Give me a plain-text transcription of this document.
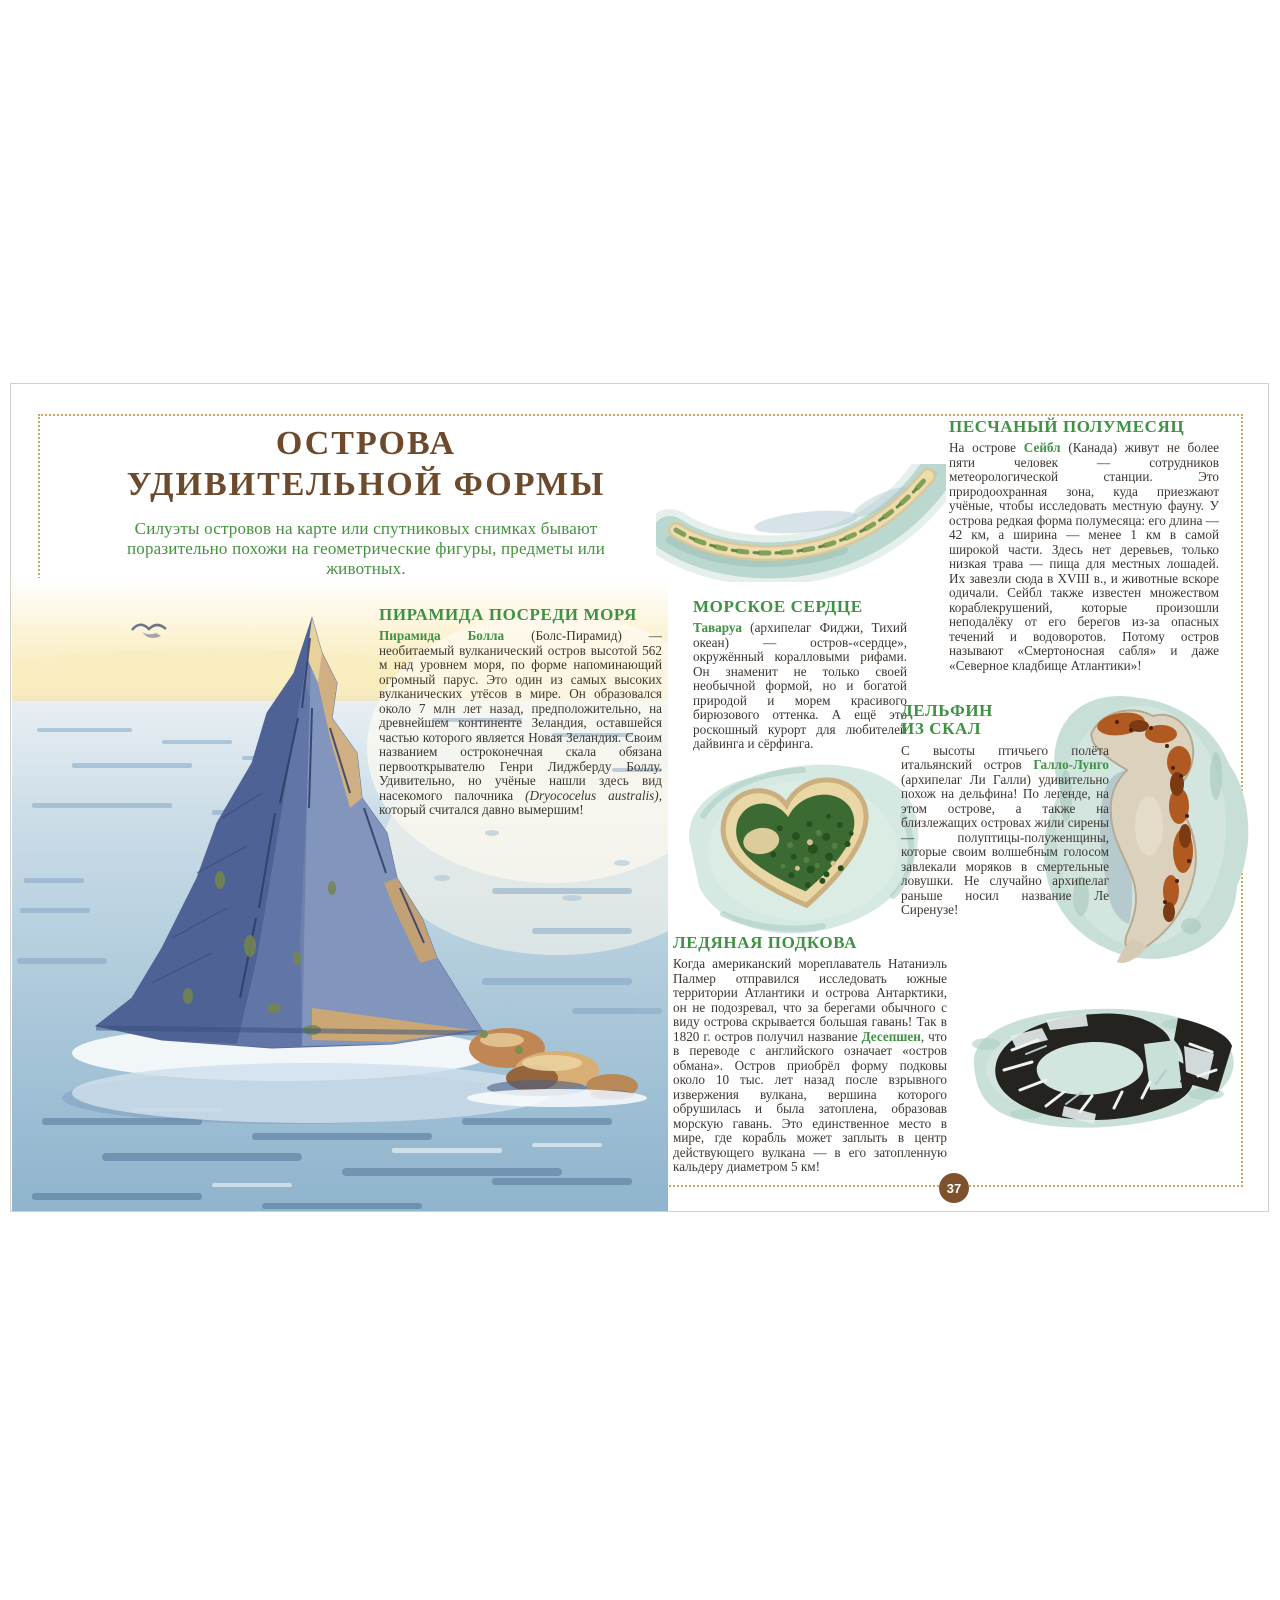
ОСТРОВА
УДИВИТЕЛЬНОЙ ФОРМЫ

Силуэты островов на карте или спутниковых снимках бывают поразительно похожи на геометрические фигуры, предметы или животных.

ПИРАМИДА ПОСРЕДИ МОРЯ

Пирамида Болла (Болс-Пирамид) — необитаемый вулканический остров высотой 562 м над уровнем моря, по форме напоминающий огромный парус. Это один из самых высоких вулканических утёсов в мире. Он образовался около 7 млн лет назад, предположительно, на древнейшем континенте Зеландия, оставшейся частью которого является Новая Зеландия. Своим названием остроконечная скала обязана первооткрывателю Генри Лиджберду Боллу. Удивительно, но учёные нашли здесь вид насекомого палочника (Dryococelus australis), который считался давно вымершим!

ПЕСЧАНЫЙ ПОЛУМЕСЯЦ

На острове Сейбл (Канада) живут не более пяти человек — сотрудников метеорологической станции. Это природоохранная зона, куда приезжают учёные, чтобы исследовать местную фауну. У острова редкая форма полумесяца: его длина — 42 км, а ширина — менее 1 км в самой широкой части. Здесь нет деревьев, только низкая трава — пища для местных лошадей. Их завезли сюда в XVIII в., и животные вскоре одичали. Сейбл также известен множеством кораблекрушений, которые произошли неподалёку от его берегов из-за опасных течений и водоворотов. Потому остров называют «Смертоносная сабля» и даже «Северное кладбище Атлантики»!

МОРСКОЕ СЕРДЦЕ

Таваруа (архипелаг Фиджи, Тихий океан) — остров-«сердце», окружённый коралловыми рифами. Он знаменит не только своей необычной формой, но и богатой природой и морем красивого бирюзового оттенка. А ещё это роскошный курорт для любителей дайвинга и сёрфинга.

ДЕЛЬФИН ИЗ СКАЛ

С высоты птичьего полёта итальянский остров Галло-Лунго (архипелаг Ли Галли) удивительно похож на дельфина! По легенде, на этом острове, а также на близлежащих островах жили сирены — полуптицы-полуженщины, которые своим волшебным голосом завлекали моряков в смертельные ловушки. Не случайно архипелаг раньше носил название Ле Сиренузе!

ЛЕДЯНАЯ ПОДКОВА

Когда американский мореплаватель Натаниэль Палмер отправился исследовать южные территории Атлантики и острова Антарктики, он не подозревал, что за берегами обычного с виду острова скрывается большая гавань! Так в 1820 г. остров получил название Десепшен, что в переводе с английского означает «остров обмана». Остров приобрёл форму подковы около 10 тыс. лет назад после взрывного извержения вулкана, вершина которого обрушилась и была затоплена, образовав морскую гавань. Это единственное место в мире, где корабль может заплыть в центр действующего вулкана — в его затопленную кальдеру диаметром 5 км!

37
